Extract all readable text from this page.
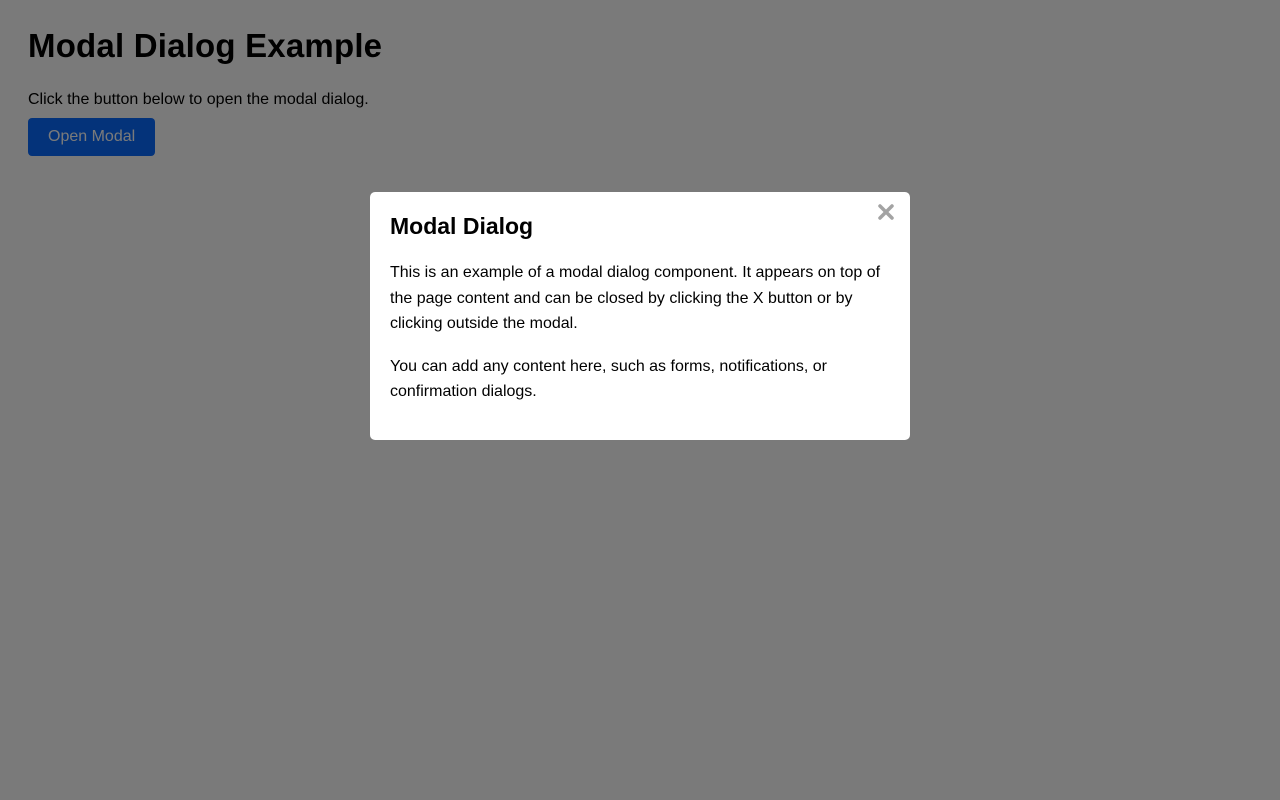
Modal Dialog

This is an example of a modal dialog component. It appears on top of the page content and can be closed by clicking the X button or by clicking outside the modal.

You can add any content here, such as forms, notifications, or confirmation dialogs.
